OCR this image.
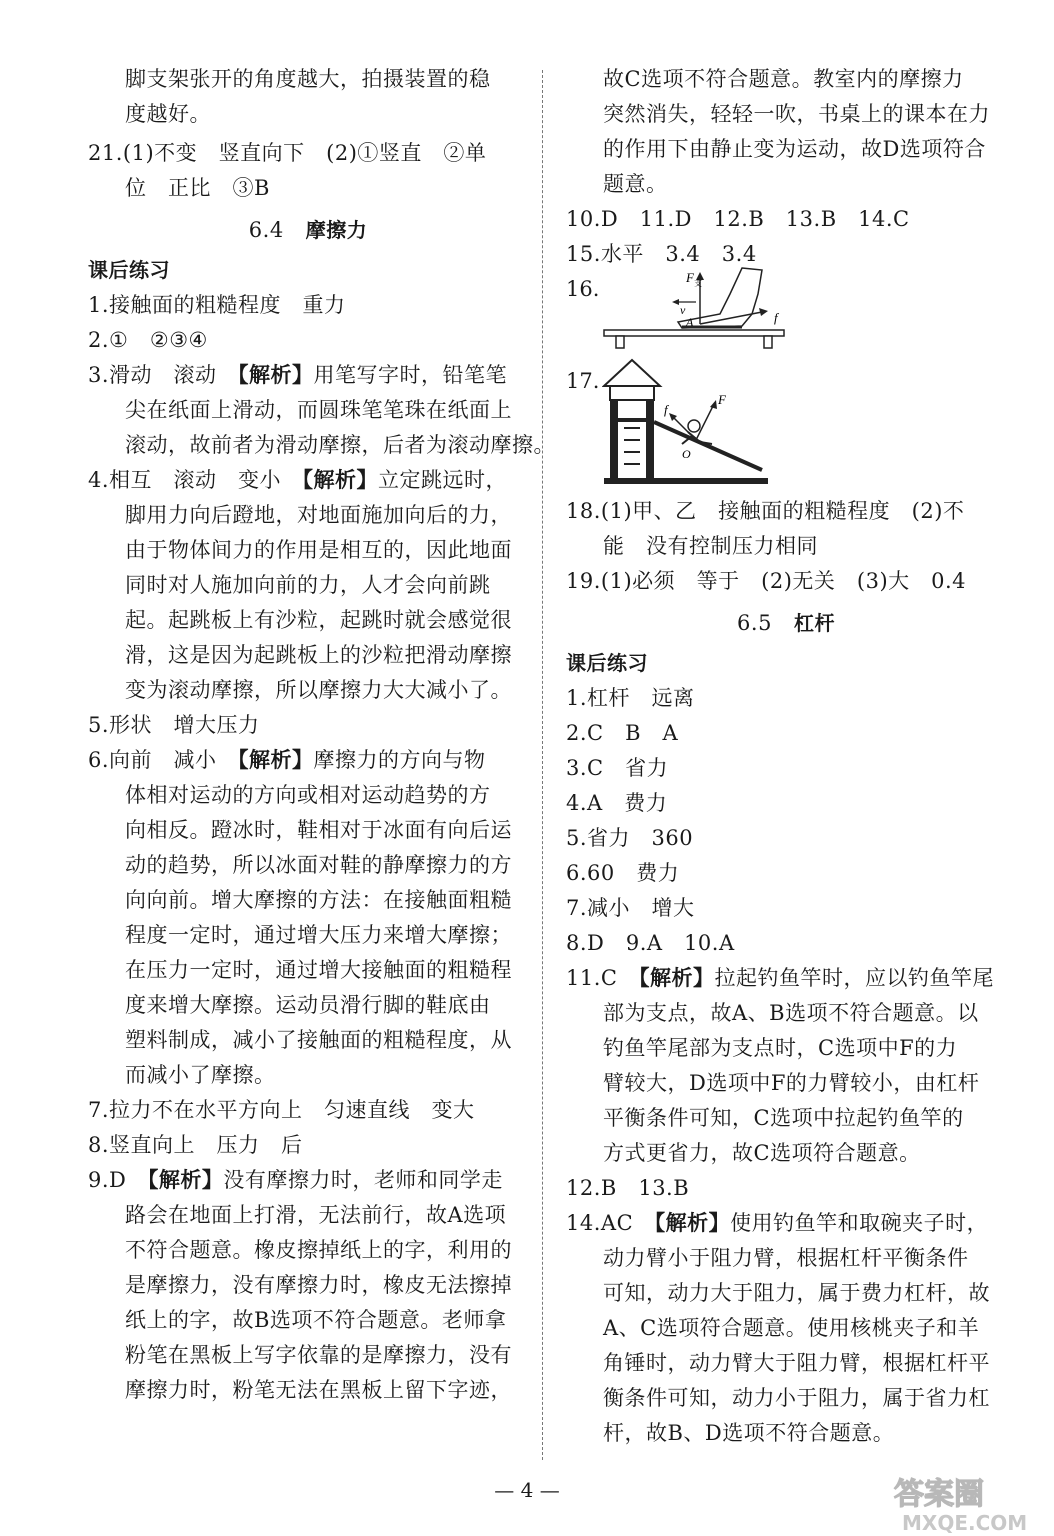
脚支架张开的角度越大，拍摄装置的稳
度越好。
21.(1)不变　竖直向下　(2)①竖直　②单
位　正比　③B
6.4 摩擦力
课后练习
1.接触面的粗糙程度　重力
2.①　②③④
3.滑动　滚动　【解析】用笔写字时，铅笔笔
尖在纸面上滑动，而圆珠笔笔珠在纸面上
滚动，故前者为滑动摩擦，后者为滚动摩擦。
4.相互　滚动　变小　【解析】立定跳远时，
脚用力向后蹬地，对地面施加向后的力，
由于物体间力的作用是相互的，因此地面
同时对人施加向前的力，人才会向前跳
起。起跳板上有沙粒，起跳时就会感觉很
滑，这是因为起跳板上的沙粒把滑动摩擦
变为滚动摩擦，所以摩擦力大大减小了。
5.形状　增大压力
6.向前　减小　【解析】摩擦力的方向与物
体相对运动的方向或相对运动趋势的方
向相反。蹬冰时，鞋相对于冰面有向后运
动的趋势，所以冰面对鞋的静摩擦力的方
向向前。增大摩擦的方法：在接触面粗糙
程度一定时，通过增大压力来增大摩擦；
在压力一定时，通过增大接触面的粗糙程
度来增大摩擦。运动员滑行脚的鞋底由
塑料制成，减小了接触面的粗糙程度，从
而减小了摩擦。
7.拉力不在水平方向上　匀速直线　变大
8.竖直向上　压力　后
9.D　【解析】没有摩擦力时，老师和同学走
路会在地面上打滑，无法前行，故A选项
不符合题意。橡皮擦掉纸上的字，利用的
是摩擦力，没有摩擦力时，橡皮无法擦掉
纸上的字，故B选项不符合题意。老师拿
粉笔在黑板上写字依靠的是摩擦力，没有
摩擦力时，粉笔无法在黑板上留下字迹，
故C选项不符合题意。教室内的摩擦力
突然消失，轻轻一吹，书桌上的课本在力
的作用下由静止变为运动，故D选项符合
题意。
10.D　11.D　12.B　13.B　14.C
15.水平　3.4　3.4
16.	F 支
v
A	f
17.
f
F
O
18.(1)甲、乙　接触面的粗糙程度　(2)不
能　没有控制压力相同
19.(1)必须　等于　(2)无关　(3)大　0.4
6.5 杠杆
课后练习
1.杠杆　远离
2.C　B　A
3.C　省力
4.A　费力
5.省力　360
6.60　费力
7.减小　增大
8.D　9.A　10.A
11.C　【解析】拉起钓鱼竿时，应以钓鱼竿尾
部为支点，故A、B选项不符合题意。以
钓鱼竿尾部为支点时，C选项中F的力
臂较大，D选项中F的力臂较小，由杠杆
平衡条件可知，C选项中拉起钓鱼竿的
方式更省力，故C选项符合题意。
12.B　13.B
14.AC　【解析】使用钓鱼竿和取碗夹子时，
动力臂小于阻力臂，根据杠杆平衡条件
可知，动力大于阻力，属于费力杠杆，故
A、C选项符合题意。使用核桃夹子和羊
角锤时，动力臂大于阻力臂，根据杠杆平
衡条件可知，动力小于阻力，属于省力杠
杆，故B、D选项不符合题意。
— 4 —	答案圈
MXQE.COM
